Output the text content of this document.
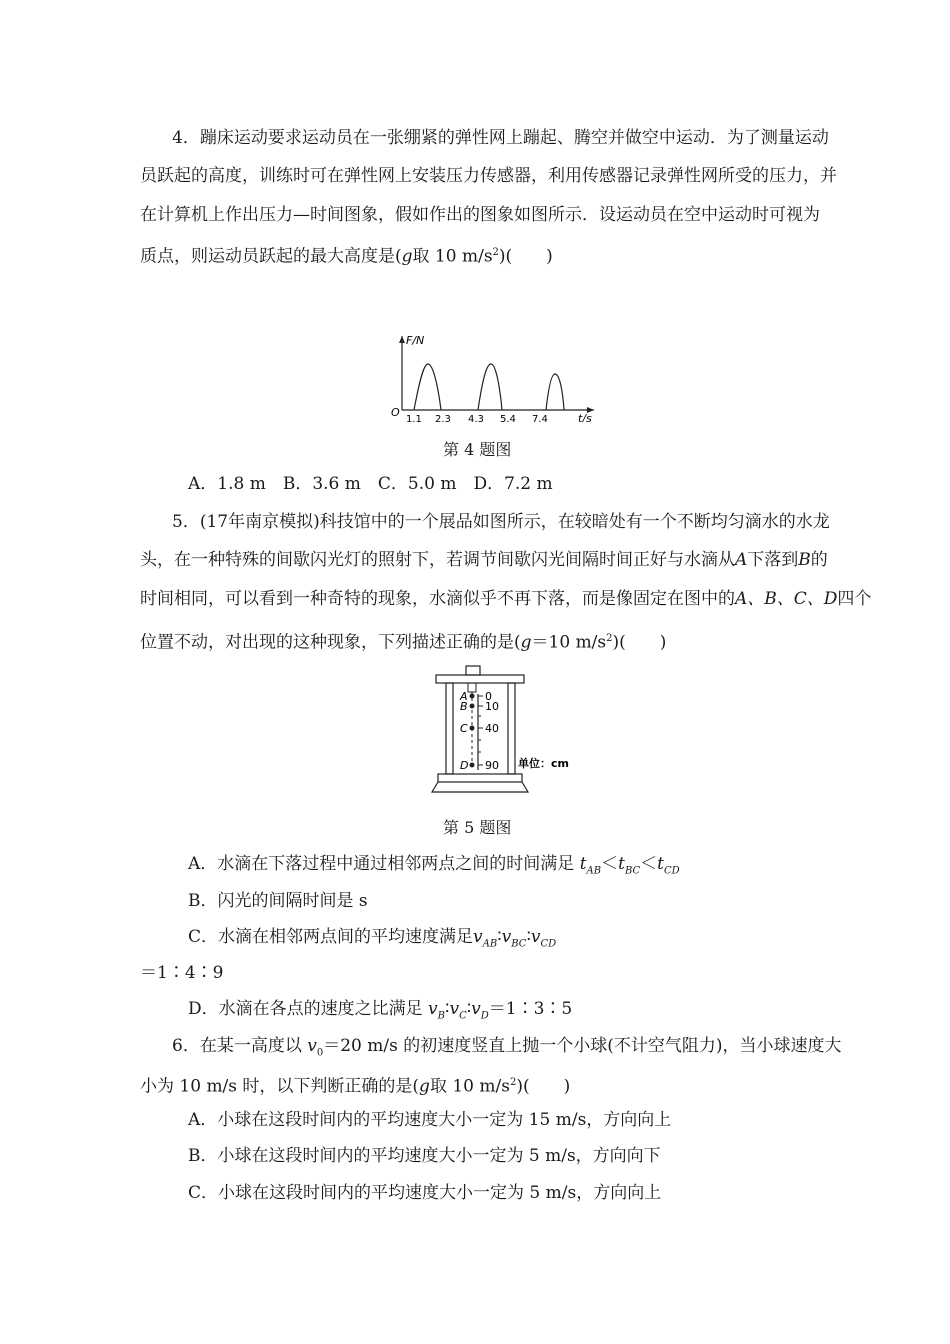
4．蹦床运动要求运动员在一张绷紧的弹性网上蹦起、腾空并做空中运动．为了测量运动
员跃起的高度，训练时可在弹性网上安装压力传感器，利用传感器记录弹性网所受的压力，并
在计算机上作出压力—时间图象，假如作出的图象如图所示．设运动员在空中运动时可视为
质点，则运动员跃起的最大高度是(g取 10 $m/s^2$)(　　)
F/N
O	t/s
1.1 2.3 4.3 5.4 7.4
第 4 题图
A．1.8 m　B．3.6 m　C．5.0 m　D．7.2 m
5．(17年南京模拟)科技馆中的一个展品如图所示，在较暗处有一个不断均匀滴水的水龙
头，在一种特殊的间歇闪光灯的照射下，若调节间歇闪光间隔时间正好与水滴从A下落到B的
时间相同，可以看到一种奇特的现象，水滴似乎不再下落，而是像固定在图中的A、B、C、D四个
位置不动，对出现的这种现象，下列描述正确的是(g＝10 $m/s^2$)(　　)
A
B
C
D
0
10
40
90 单位：cm
第 5 题图
A．水滴在下落过程中通过相邻两点之间的时间满足 $t_{AB}<t_{BC}<t_{CD}$
B．闪光的间隔时间是 s
C．水滴在相邻两点间的平均速度满足$v_{AB}∶v_{BC}∶v_{CD}$
＝1∶4∶9
D．水滴在各点的速度之比满足 $v_B∶v_C∶v_D=1∶3∶5$
6．在某一高度以 $v_0=20$ m/s 的初速度竖直上抛一个小球(不计空气阻力)，当小球速度大
小为 10 m/s 时，以下判断正确的是(g取 10 $m/s^2$)(　　)
A．小球在这段时间内的平均速度大小一定为 15 m/s，方向向上
B．小球在这段时间内的平均速度大小一定为 5 m/s，方向向下
C．小球在这段时间内的平均速度大小一定为 5 m/s，方向向上
